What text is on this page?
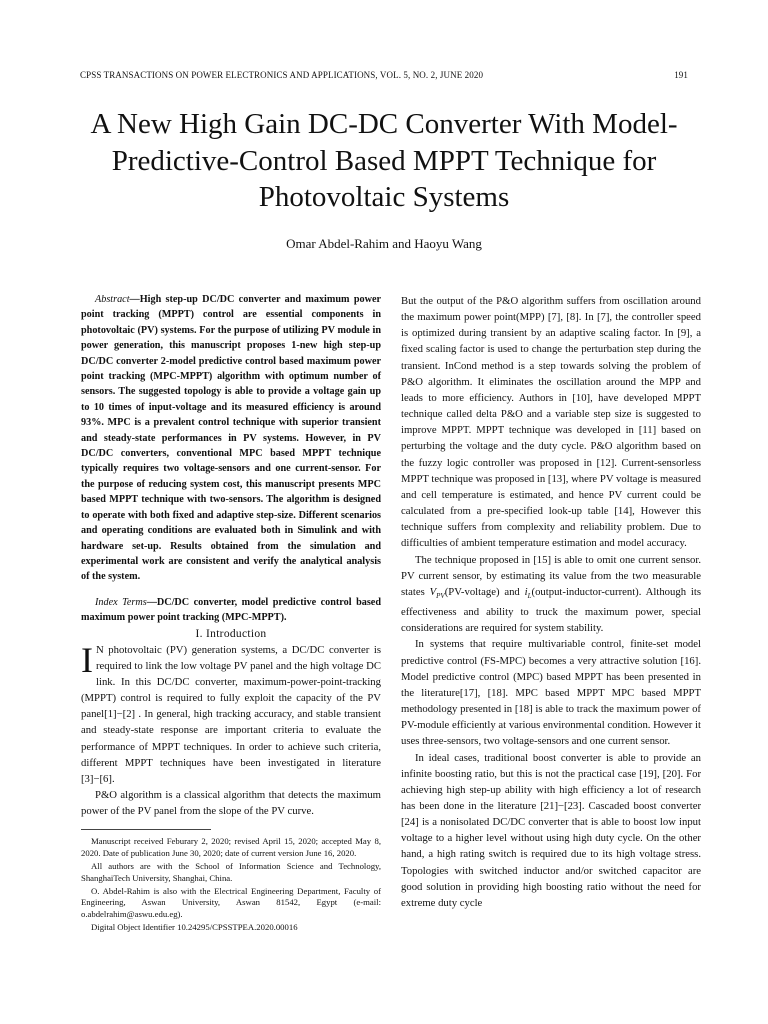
CPSS TRANSACTIONS ON POWER ELECTRONICS AND APPLICATIONS, VOL. 5, NO. 2, JUNE 2020	191
A New High Gain DC-DC Converter With Model-Predictive-Control Based MPPT Technique for Photovoltaic Systems
Omar Abdel-Rahim and Haoyu Wang

Abstract—High step-up DC/DC converter and maximum power point tracking (MPPT) control are essential components in photovoltaic (PV) systems. For the purpose of utilizing PV module in power generation, this manuscript proposes 1-new high step-up DC/DC converter 2-model predictive control based maximum power point tracking (MPC-MPPT) algorithm with optimum number of sensors. The suggested topology is able to provide a voltage gain up to 10 times of input-voltage and its measured efficiency is around 93%. MPC is a prevalent control technique with superior transient and steady-state performances in PV systems. However, in PV DC/DC converters, conventional MPC based MPPT technique typically requires two voltage-sensors and one current-sensor. For the purpose of reducing system cost, this manuscript presents MPC based MPPT technique with two-sensors. The algorithm is designed to operate with both fixed and adaptive step-size. Different scenarios and operating conditions are evaluated both in Simulink and with hardware set-up. Results obtained from the simulation and experimental work are consistent and verify the analytical analysis of the system.

Index Terms—DC/DC converter, model predictive control based maximum power point tracking (MPC-MPPT).

I. Introduction

I N photovoltaic (PV) generation systems, a DC/DC converter is required to link the low voltage PV panel and the high voltage DC link. In this DC/DC converter, maximum-power-point-tracking (MPPT) control is required to fully exploit the capacity of the PV panel[1]−[2] . In general, high tracking accuracy, and stable transient and steady-state response are important criteria to evaluate the performance of MPPT techniques. In order to achieve such criteria, different MPPT techniques have been investigated in literature [3]−[6].

P&O algorithm is a classical algorithm that detects the maximum power of the PV panel from the slope of the PV curve.

Manuscript received Feburary 2, 2020; revised April 15, 2020; accepted May 8, 2020. Date of publication June 30, 2020; date of current version June 16, 2020.

All authors are with the School of Information Science and Technology, ShanghaiTech University, Shanghai, China.

O. Abdel-Rahim is also with the Electrical Engineering Department, Faculty of Engineering, Aswan University, Aswan 81542, Egypt (e-mail: o.abdelrahim@aswu.edu.eg).

Digital Object Identifier 10.24295/CPSSTPEA.2020.00016

But the output of the P&O algorithm suffers from oscillation around the maximum power point(MPP) [7], [8]. In [7], the controller speed is optimized during transient by an adaptive scaling factor. In [9], a fixed scaling factor is used to change the perturbation step during the transient. InCond method is a step towards solving the problem of P&O algorithm. It eliminates the oscillation around the MPP and leads to more efficiency. Authors in [10], have developed MPPT technique called delta P&O and a variable step size is suggested to improve MPPT. MPPT technique was developed in [11] based on perturbing the voltage and the duty cycle. P&O algorithm based on the fuzzy logic controller was proposed in [12]. Current-sensorless MPPT technique was proposed in [13], where PV voltage is measured and cell temperature is estimated, and hence PV current could be calculated from a pre-specified look-up table [14], However this technique suffers from complexity and reliability problem. Due to difficulties of ambient temperature estimation and model accuracy.

The technique proposed in [15] is able to omit one current sensor. PV current sensor, by estimating its value from the two measurable states $V_{PV}(PV-voltage)$ and $i_L(output-inductor-current)$. Although its effectiveness and ability to truck the maximum power, special considerations are required for system stability.

In systems that require multivariable control, finite-set model predictive control (FS-MPC) becomes a very attractive solution [16]. Model predictive control (MPC) based MPPT has been presented in the literature[17], [18]. MPC based MPPT MPC based MPPT methodology presented in [18] is able to track the maximum power of PV-module efficiently at various environmental condition. However it uses three-sensors, two voltage-sensors and one current sensor.

In ideal cases, traditional boost converter is able to provide an infinite boosting ratio, but this is not the practical case [19], [20]. For achieving high step-up ability with high efficiency a lot of research has been done in the literature [21]−[23]. Cascaded boost converter [24] is a nonisolated DC/DC converter that is able to boost low input voltage to a higher level without using high duty cycle. On the other hand, a high rating switch is required due to its high voltage stress. Topologies with switched inductor and/or switched capacitor are good solution in providing high boosting ratio without the need for extreme duty cycle
